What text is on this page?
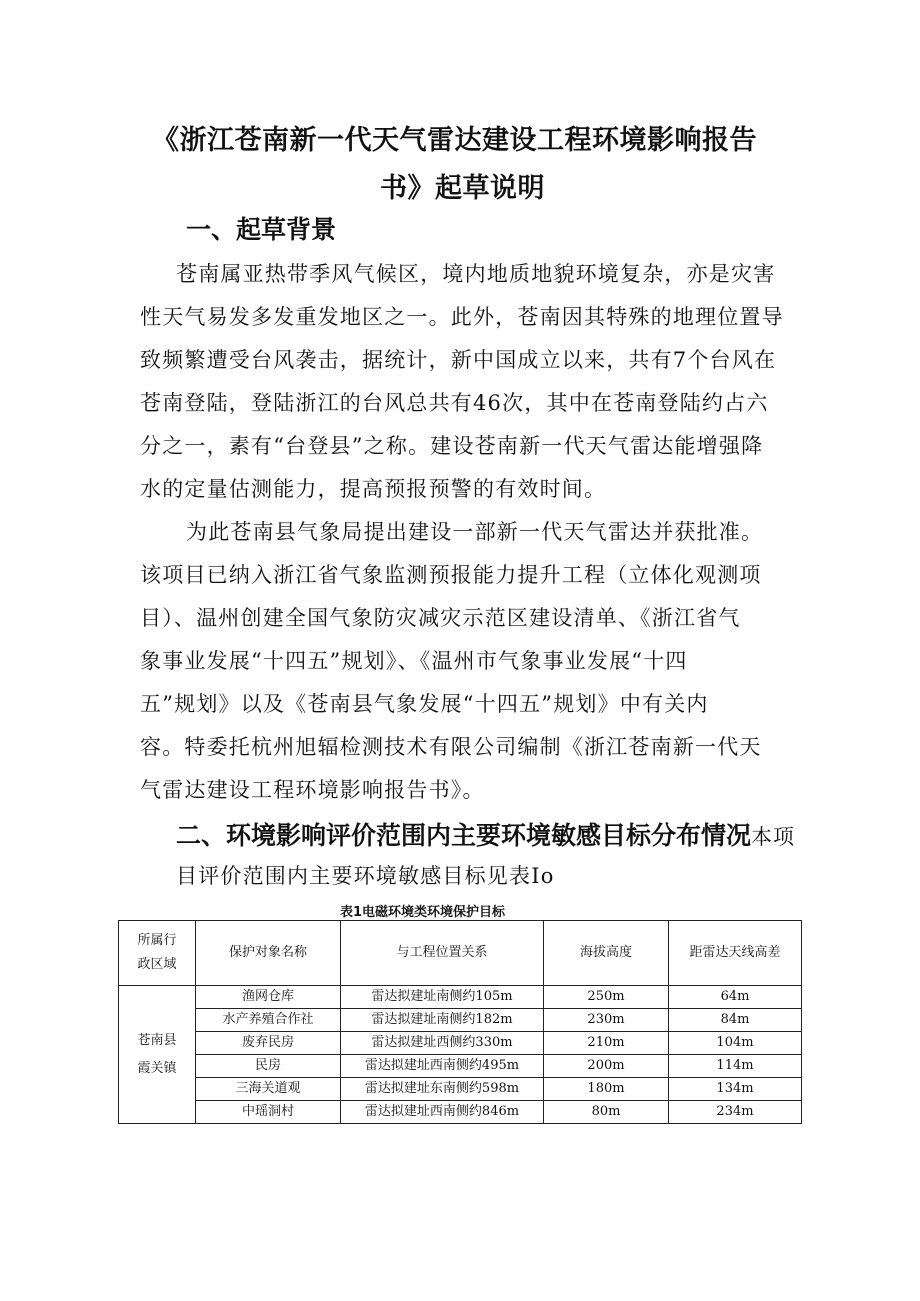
《浙江苍南新一代天气雷达建设工程环境影响报告
书》起草说明
一、起草背景
苍南属亚热带季风气候区，境内地质地貌环境复杂，亦是灾害
性天气易发多发重发地区之一。此外，苍南因其特殊的地理位置导
致频繁遭受台风袭击，据统计，新中国成立以来，共有7个台风在
苍南登陆，登陆浙江的台风总共有46次，其中在苍南登陆约占六
分之一，素有“台登县”之称。建设苍南新一代天气雷达能增强降
水的定量估测能力，提高预报预警的有效时间。
为此苍南县气象局提出建设一部新一代天气雷达并获批准。
该项目已纳入浙江省气象监测预报能力提升工程（立体化观测项
目）、温州创建全国气象防灾减灾示范区建设清单、《浙江省气
象事业发展“十四五”规划》、《温州市气象事业发展“十四
五”规划》以及《苍南县气象发展“十四五”规划》中有关内
容。特委托杭州旭辐检测技术有限公司编制《浙江苍南新一代天
气雷达建设工程环境影响报告书》。
二、环境影响评价范围内主要环境敏感目标分布情况本项
目评价范围内主要环境敏感目标见表Io
表1电磁环境类环境保护目标
所属行
政区域	保护对象名称	与工程位置关系	海拔高度	距雷达天线高差

苍南县
霞关镇	渔网仓库	雷达拟建址南侧约105m	250m	64m
	水产养殖合作社	雷达拟建址南侧约182m	230m	84m
	废弃民房	雷达拟建址西侧约330m	210m	104m
	民房	雷达拟建址西南侧约495m	200m	114m
	三海关道观	雷达拟建址东南侧约598m	180m	134m
	中瑶洞村	雷达拟建址西南侧约846m	80m	234m
